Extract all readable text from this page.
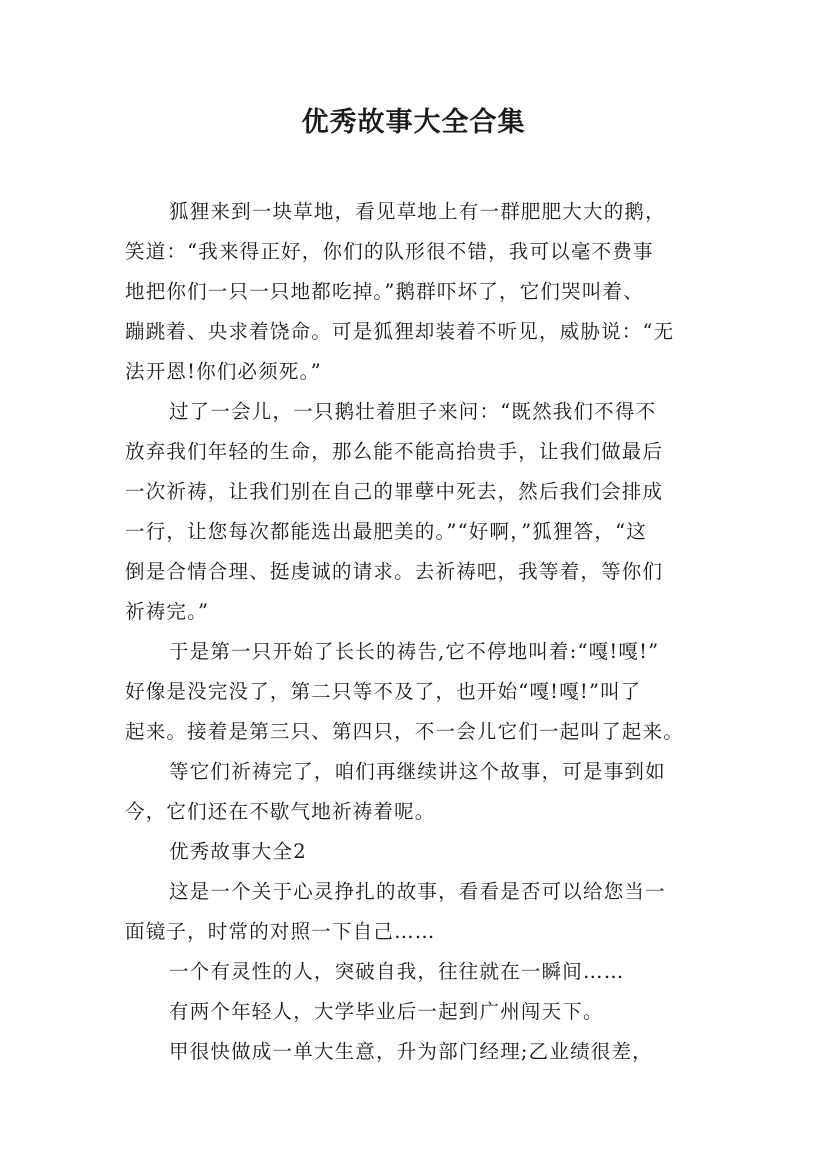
优秀故事大全合集
狐狸来到一块草地，看见草地上有一群肥肥大大的鹅，
笑道：“我来得正好，你们的队形很不错，我可以毫不费事
地把你们一只一只地都吃掉。”鹅群吓坏了，它们哭叫着、
蹦跳着、央求着饶命。可是狐狸却装着不听见，威胁说：“无
法开恩!你们必须死。”
过了一会儿，一只鹅壮着胆子来问：“既然我们不得不
放弃我们年轻的生命，那么能不能高抬贵手，让我们做最后
一次祈祷，让我们别在自己的罪孽中死去，然后我们会排成
一行，让您每次都能选出最肥美的。”“好啊，”狐狸答，“这
倒是合情合理、挺虔诚的请求。去祈祷吧，我等着，等你们
祈祷完。”
于是第一只开始了长长的祷告,它不停地叫着:“嘎!嘎!”
好像是没完没了，第二只等不及了，也开始“嘎!嘎!”叫了
起来。接着是第三只、第四只，不一会儿它们一起叫了起来。
等它们祈祷完了，咱们再继续讲这个故事，可是事到如
今，它们还在不歇气地祈祷着呢。
优秀故事大全2
这是一个关于心灵挣扎的故事，看看是否可以给您当一
面镜子，时常的对照一下自己……
一个有灵性的人，突破自我，往往就在一瞬间……
有两个年轻人，大学毕业后一起到广州闯天下。
甲很快做成一单大生意，升为部门经理;乙业绩很差，
